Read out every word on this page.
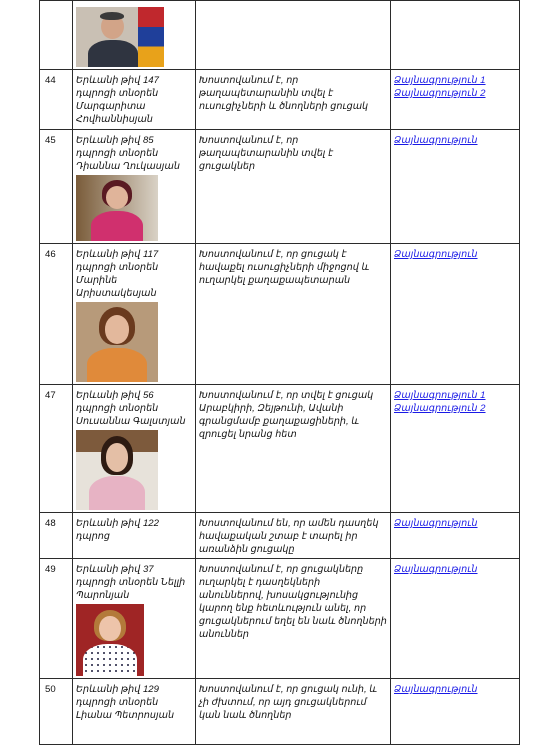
44	Երևանի թիվ 147 դպրոցի տնօրեն Մարգարիտա Հովհաննիսյան	Խոստովանում է, որ թաղապետարանին տվել է ուսուցիչների և ծնողների ցուցակ	Ձայնագրություն 1
Ձայնագրություն 2

45	Երևանի թիվ 85 դպրոցի տնօրեն Դիաննա Ղուկասյան	Խոստովանում է, որ թաղապետարանին տվել է ցուցակներ	Ձայնագրություն

46	Երևանի թիվ 117 դպրոցի տնօրեն Մարինե Արիստակեսյան	Խոստովանում է, որ ցուցակ է հավաքել ուսուցիչների միջոցով և ուղարկել քաղաքապետարան	Ձայնագրություն

47	Երևանի թիվ 56 դպրոցի տնօրեն Սուսաննա Գալստյան	Խոստովանում է, որ տվել է ցուցակ Արաբկիրի, Զեյթունի, Ավանի գրանցմամբ քաղաքացիների, և զրուցել նրանց հետ	Ձայնագրություն 1
Ձայնագրություն 2

48	Երևանի թիվ 122 դպրոց	Խոստովանում են, որ ամեն դասղեկ հավաքական շտաբ է տարել իր առանձին ցուցակը	Ձայնագրություն

49	Երևանի թիվ 37 դպրոցի տնօրեն Նելլի Պարոնյան	Խոստովանում է, որ ցուցակները ուղարկել է դասղեկների անուններով, խոսակցությունից կարող ենք հետևություն անել, որ ցուցակներում եղել են նաև ծնողների անուններ	Ձայնագրություն

50	Երևանի թիվ 129 դպրոցի տնօրեն Լիանա Պետրոսյան	Խոստովանում է, որ ցուցակ ունի, և չի ժխտում, որ այդ ցուցակներում կան նաև ծնողներ	Ձայնագրություն
